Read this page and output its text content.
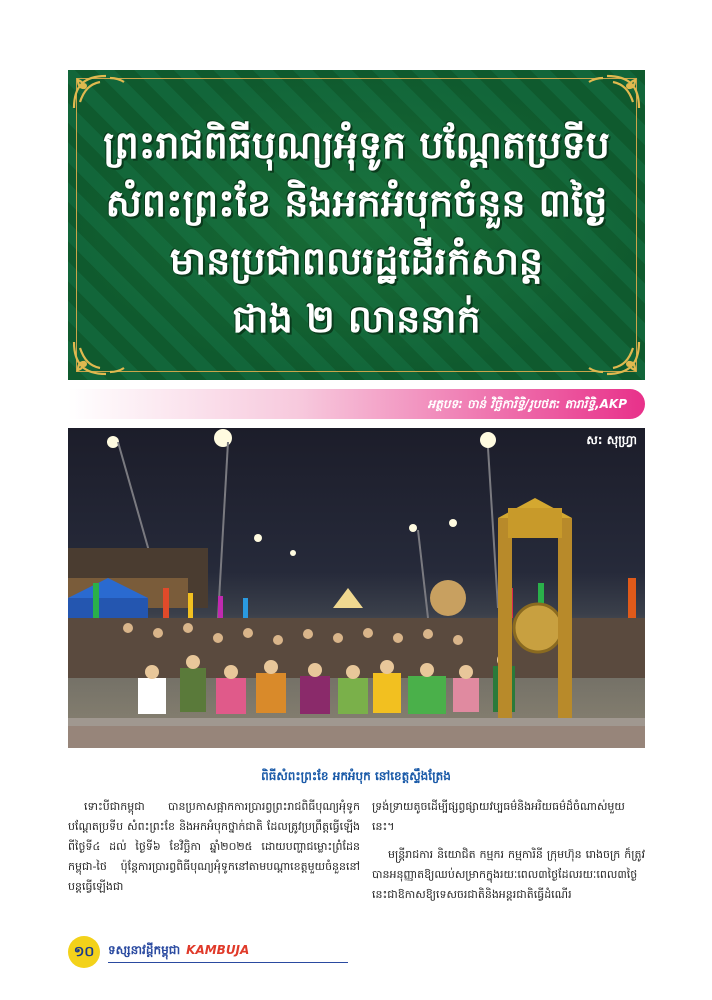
ព្រះរាជពិធីបុណ្យអុំទូក បណ្តែតប្រទីប
សំពះព្រះខែ និងអកអំបុកចំនួន ៣ថ្ងៃ
មានប្រជាពលរដ្ឋដើរកំសាន្ត
ជាង ២ លាននាក់
អត្ថបទ: ចាន់ វិច្ឆិការិទ្ធិ/រូបថត: តារារិទ្ធិ,AKP
ស: សុហ្វ្រា
ពិធីសំពះព្រះខែ អកអំបុក នៅខេត្តស្ទឹងត្រែង

ទោះបីជាកម្ពុជា បានប្រកាសផ្អាកការប្រារព្វព្រះរាជពិធីបុណ្យអុំទូក បណ្តែតប្រទីប សំពះព្រះខែ និងអកអំបុកថ្នាក់ជាតិ ដែលត្រូវប្រព្រឹត្តធ្វើឡើង ពីថ្ងៃទី៤ ដល់ ថ្ងៃទី៦ ខែវិច្ឆិកា ឆ្នាំ២០២៥ ដោយបញ្ហាជម្លោះព្រំដែន កម្ពុជា-ថៃ ប៉ុន្តែការប្រារព្វពិធីបុណ្យអុំទូកនៅតាមបណ្តាខេត្តមួយចំនួននៅបន្តធ្វើឡើងជា

ទ្រង់ទ្រាយតូចដើម្បីផ្សព្វផ្សាយវប្បធម៌និងអរិយធម៌ដ៏ចំណាស់មួយនេះ។

មន្ត្រីរាជការ និយោជិត កម្មករ កម្មការិនី ក្រុមហ៊ុន រោងចក្រ ក៏ត្រូវបានអនុញ្ញាតឱ្យឈប់សម្រាកក្នុងរយៈពេល៣ថ្ងៃដែលរយៈពេល៣ថ្ងៃនេះជាឱកាសឱ្យទេសចរជាតិនិងអន្តរជាតិធ្វើដំណើរ

១០	ទស្សនាវដ្តីកម្ពុជា KAMBUJA
